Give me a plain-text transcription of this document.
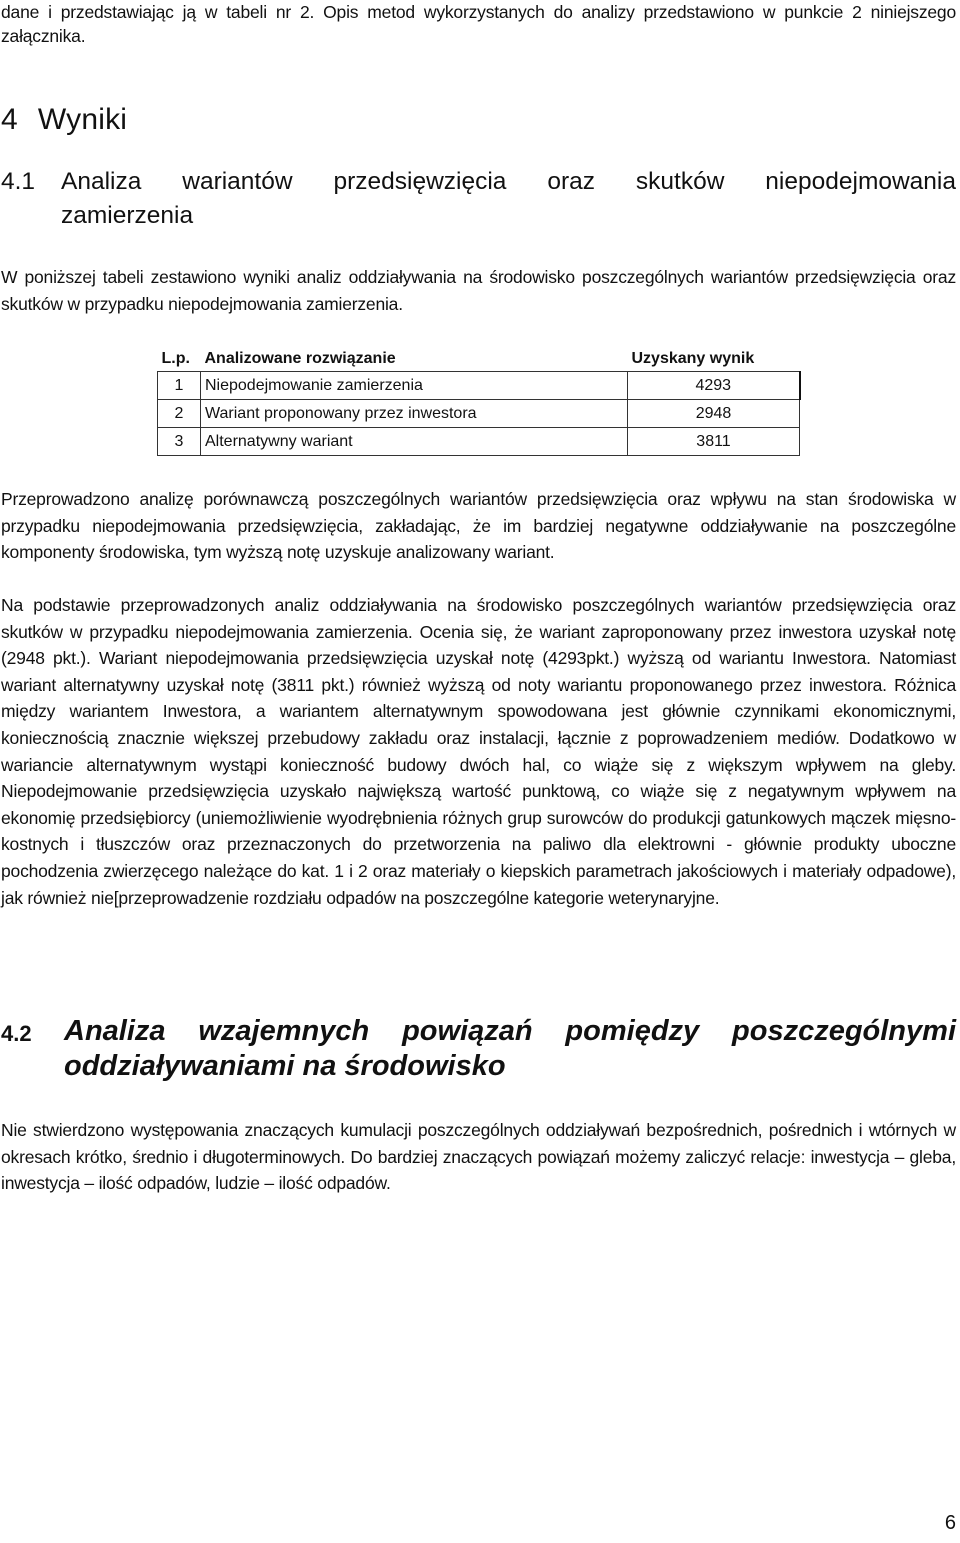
dane i przedstawiając ją w tabeli nr 2. Opis metod wykorzystanych do analizy przedstawiono w punkcie 2 niniejszego załącznika.

4 Wyniki
4.1 Analiza wariantów przedsięwzięcia oraz skutków niepodejmowania
zamierzenia

W poniższej tabeli zestawiono wyniki analiz oddziaływania na środowisko poszczególnych wariantów przedsięwzięcia oraz skutków w przypadku niepodejmowania zamierzenia.

L.p.	Analizowane rozwiązanie	Uzyskany wynik
1	Niepodejmowanie zamierzenia	4293
2	Wariant proponowany przez inwestora	2948
3	Alternatywny wariant	3811

Przeprowadzono analizę porównawczą poszczególnych wariantów przedsięwzięcia oraz wpływu na stan środowiska w przypadku niepodejmowania przedsięwzięcia, zakładając, że im bardziej negatywne oddziaływanie na poszczególne komponenty środowiska, tym wyższą notę uzyskuje analizowany wariant.

Na podstawie przeprowadzonych analiz oddziaływania na środowisko poszczególnych wariantów przedsięwzięcia oraz skutków w przypadku niepodejmowania zamierzenia. Ocenia się, że wariant zaproponowany przez inwestora uzyskał notę (2948 pkt.). Wariant niepodejmowania przedsięwzięcia uzyskał notę (4293pkt.) wyższą od wariantu Inwestora. Natomiast wariant alternatywny uzyskał notę (3811 pkt.) również wyższą od noty wariantu proponowanego przez inwestora. Różnica między wariantem Inwestora, a wariantem alternatywnym spowodowana jest głównie czynnikami ekonomicznymi, koniecznością znacznie większej przebudowy zakładu oraz instalacji, łącznie z poprowadzeniem mediów. Dodatkowo w wariancie alternatywnym wystąpi konieczność budowy dwóch hal, co wiąże się z większym wpływem na gleby. Niepodejmowanie przedsięwzięcia uzyskało największą wartość punktową, co wiąże się z negatywnym wpływem na ekonomię przedsiębiorcy (uniemożliwienie wyodrębnienia różnych grup surowców do produkcji gatunkowych mączek mięsno-kostnych i tłuszczów oraz przeznaczonych do przetworzenia na paliwo dla elektrowni - głównie produkty uboczne pochodzenia zwierzęcego należące do kat. 1 i 2 oraz materiały o kiepskich parametrach jakościowych i materiały odpadowe), jak również nie[przeprowadzenie rozdziału odpadów na poszczególne kategorie weterynaryjne.

4.2 Analiza wzajemnych powiązań pomiędzy poszczególnymi
oddziaływaniami na środowisko

Nie stwierdzono występowania znaczących kumulacji poszczególnych oddziaływań bezpośrednich, pośrednich i wtórnych w okresach krótko, średnio i długoterminowych. Do bardziej znaczących powiązań możemy zaliczyć relacje: inwestycja – gleba, inwestycja – ilość odpadów, ludzie – ilość odpadów.

6
